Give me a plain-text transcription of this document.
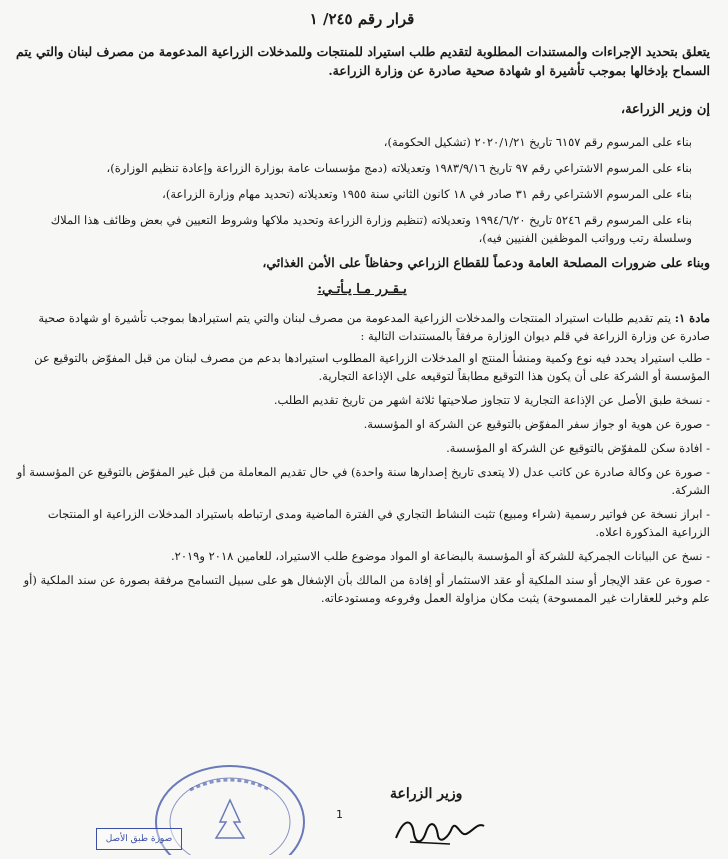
قرار رقم ٢٤٥/ ١

يتعلق بتحديد الإجراءات والمستندات المطلوبة لتقديم طلب استيراد للمنتجات وللمدخلات الزراعية المدعومة من مصرف لبنان والتي يتم السماح بإدخالها بموجب تأشيرة او شهادة صحية صادرة عن وزارة الزراعة.

إن وزير الزراعة،

بناء على المرسوم رقم ٦١٥٧ تاريخ ٢٠٢٠/١/٢١ (تشكيل الحكومة)،

بناء على المرسوم الاشتراعي رقم ٩٧ تاريخ ١٩٨٣/٩/١٦ وتعديلاته (دمج مؤسسات عامة بوزارة الزراعة وإعادة تنظيم الوزارة)،

بناء على المرسوم الاشتراعي رقم ٣١ صادر في ١٨ كانون الثاني سنة ١٩٥٥ وتعديلاته (تحديد مهام وزارة الزراعة)،

بناء على المرسوم رقم ٥٢٤٦ تاريخ ١٩٩٤/٦/٢٠ وتعديلاته (تنظيم وزارة الزراعة وتحديد ملاكها وشروط التعيين في بعض وظائف هذا الملاك وسلسلة رتب ورواتب الموظفين الفنيين فيه)،

وبناء على ضرورات المصلحة العامة ودعماً للقطاع الزراعي وحفاظاً على الأمن الغذائي،

يـقـرر مـا يـأتـي:

مادة ١: يتم تقديم طلبات استيراد المنتجات والمدخلات الزراعية المدعومة من مصرف لبنان والتي يتم استيرادها بموجب تأشيرة او شهادة صحية صادرة عن وزارة الزراعة في قلم ديوان الوزارة مرفقاً بالمستندات التالية :

- طلب استيراد يحدد فيه نوع وكمية ومنشأ المنتج او المدخلات الزراعية المطلوب استيرادها بدعم من مصرف لبنان من قبل المفوّض بالتوقيع عن المؤسسة أو الشركة على أن يكون هذا التوقيع مطابقاً لتوقيعه على الإذاعة التجارية.
- نسخة طبق الأصل عن الإذاعة التجارية لا تتجاوز صلاحيتها ثلاثة اشهر من تاريخ تقديم الطلب.
- صورة عن هوية او جواز سفر المفوّض بالتوقيع عن الشركة او المؤسسة.
- افادة سكن للمفوّض بالتوقيع عن الشركة او المؤسسة.
- صورة عن وكالة صادرة عن كاتب عدل (لا يتعدى تاريخ إصدارها سنة واحدة) في حال تقديم المعاملة من قبل غير المفوّض بالتوقيع عن المؤسسة أو الشركة.
- ابراز نسخة عن فواتير رسمية (شراء ومبيع) تثبت النشاط التجاري في الفترة الماضية ومدى ارتباطه باستيراد المدخلات الزراعية او المنتجات الزراعية المذكورة اعلاه.
- نسخ عن البيانات الجمركية للشركة أو المؤسسة بالبضاعة او المواد موضوع طلب الاستيراد، للعامين ٢٠١٨ و٢٠١٩.
- صورة عن عقد الإيجار أو سند الملكية أو عقد الاستثمار أو إفادة من المالك بأن الإشغال هو على سبيل التسامح مرفقة بصورة عن سند الملكية (أو علم وخبر للعقارات غير الممسوحة) يثبت مكان مزاولة العمل وفروعه ومستودعاته.
صورة طبق الأصل
1
وزير الزراعة
